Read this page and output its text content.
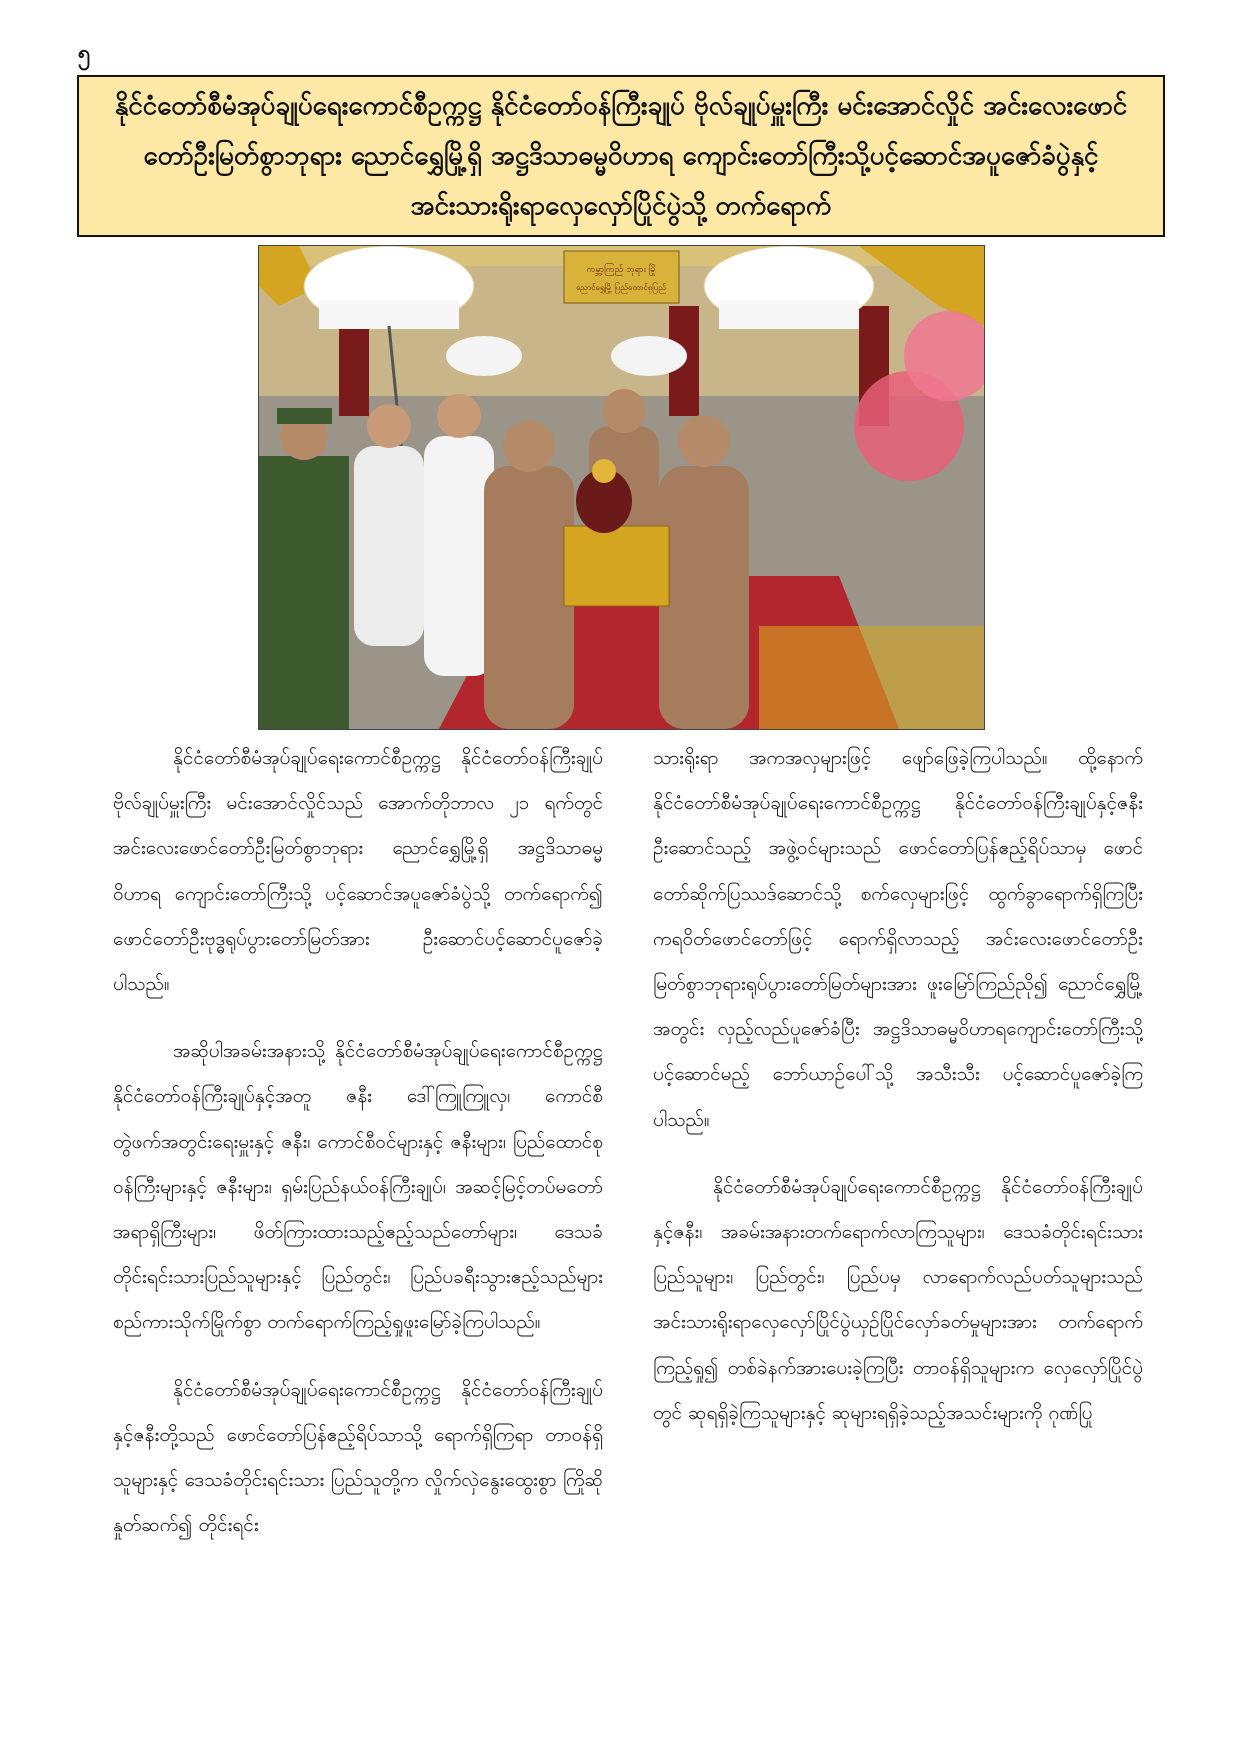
၅
နိုင်ငံတော်စီမံအုပ်ချုပ်ရေးကောင်စီဥက္ကဋ္ဌ နိုင်ငံတော်ဝန်ကြီးချုပ် ဗိုလ်ချုပ်မှူးကြီး မင်းအောင်လှိုင် အင်းလေးဖောင်တော်ဦးမြတ်စွာဘုရား ညောင်ရွှေမြို့ရှိ အဋ္ဌဒိသာဓမ္မဝိဟာရ ကျောင်းတော်ကြီးသို့ပင့်ဆောင်အပူဇော်ခံပွဲနှင့် အင်းသားရိုးရာလှေလှော်ပြိုင်ပွဲသို့ တက်ရောက်
ကမ္ဘာ့ကြည် ဘုရား မြို
ညောင်ရွှေမြို့ ပြည်ထောင်စုပြည်

နိုင်ငံတော်စီမံအုပ်ချုပ်ရေးကောင်စီဥက္ကဋ္ဌ နိုင်ငံတော်ဝန်ကြီးချုပ် ဗိုလ်ချုပ်မှူးကြီး မင်းအောင်လှိုင်သည် အောက်တိုဘာလ ၂၁ ရက်တွင် အင်းလေးဖောင်တော်ဦးမြတ်စွာဘုရား ညောင်ရွှေမြို့ရှိ အဋ္ဌဒိသာဓမ္မဝိဟာရ ကျောင်းတော်ကြီးသို့ ပင့်ဆောင်အပူဇော်ခံပွဲသို့ တက်ရောက်၍ ဖောင်တော်ဦးဗုဒ္ဓရုပ်ပွားတော်မြတ်အား ဦးဆောင်ပင့်ဆောင်ပူဇော်ခဲ့ပါသည်။

အဆိုပါအခမ်းအနားသို့ နိုင်ငံတော်စီမံအုပ်ချုပ်ရေးကောင်စီဥက္ကဋ္ဌ နိုင်ငံတော်ဝန်ကြီးချုပ်နှင့်အတူ ဇနီး ဒေါ်ကြူကြူလှ၊ ကောင်စီတွဲဖက်အတွင်းရေးမှူးနှင့် ဇနီး၊ ကောင်စီဝင်များနှင့် ဇနီးများ၊ ပြည်ထောင်စုဝန်ကြီးများနှင့် ဇနီးများ၊ ရှမ်းပြည်နယ်ဝန်ကြီးချုပ်၊ အဆင့်မြင့်တပ်မတော်အရာရှိကြီးများ၊ ဖိတ်ကြားထားသည့်ဧည့်သည်တော်များ၊ ဒေသခံတိုင်းရင်းသားပြည်သူများနှင့် ပြည်တွင်း၊ ပြည်ပခရီးသွားဧည့်သည်များ စည်ကားသိုက်မြိုက်စွာ တက်ရောက်ကြည့်ရှုဖူးမြော်ခဲ့ကြပါသည်။

နိုင်ငံတော်စီမံအုပ်ချုပ်ရေးကောင်စီဥက္ကဋ္ဌ နိုင်ငံတော်ဝန်ကြီးချုပ်နှင့်ဇနီးတို့သည် ဖောင်တော်ပြန်ဧည့်ရိပ်သာသို့ ရောက်ရှိကြရာ တာဝန်ရှိသူများနှင့် ဒေသခံတိုင်းရင်းသား ပြည်သူတို့က လှိုက်လှဲနွေးထွေးစွာ ကြိုဆိုနှုတ်ဆက်၍ တိုင်းရင်း

သားရိုးရာ အကအလှများဖြင့် ဖျော်ဖြေခဲ့ကြပါသည်။ ထို့နောက် နိုင်ငံတော်စီမံအုပ်ချုပ်ရေးကောင်စီဥက္ကဋ္ဌ နိုင်ငံတော်ဝန်ကြီးချုပ်နှင့်ဇနီး ဦးဆောင်သည့် အဖွဲ့ဝင်များသည် ဖောင်တော်ပြန်ဧည့်ရိပ်သာမှ ဖောင်တော်ဆိုက်ပြဿဒ်ဆောင်သို့ စက်လှေများဖြင့် ထွက်ခွာရောက်ရှိကြပြီး ကရဝိတ်ဖောင်တော်ဖြင့် ရောက်ရှိလာသည့် အင်းလေးဖောင်တော်ဦး မြတ်စွာဘုရားရုပ်ပွားတော်မြတ်များအား ဖူးမြော်ကြည်ညို၍ ညောင်ရွှေမြို့အတွင်း လှည့်လည်ပူဇော်ခံပြီး အဋ္ဌဒိသာဓမ္မဝိဟာရကျောင်းတော်ကြီးသို့ ပင့်ဆောင်မည့် ဘော်ယာဉ်ပေါ်သို့ အသီးသီး ပင့်ဆောင်ပူဇော်ခဲ့ကြပါသည်။

နိုင်ငံတော်စီမံအုပ်ချုပ်ရေးကောင်စီဥက္ကဋ္ဌ နိုင်ငံတော်ဝန်ကြီးချုပ်နှင့်ဇနီး၊ အခမ်းအနားတက်ရောက်လာကြသူများ၊ ဒေသခံတိုင်းရင်းသားပြည်သူများ၊ ပြည်တွင်း၊ ပြည်ပမှ လာရောက်လည်ပတ်သူများသည် အင်းသားရိုးရာလှေလှော်ပြိုင်ပွဲယှဉ်ပြိုင်လှော်ခတ်မှုများအား တက်ရောက်ကြည့်ရှု၍ တစ်ခဲနက်အားပေးခဲ့ကြပြီး တာဝန်ရှိသူများက လှေလှော်ပြိုင်ပွဲတွင် ဆုရရှိခဲ့ကြသူများနှင့် ဆုများရရှိခဲ့သည့်အသင်းများကို ဂုဏ်ပြု
